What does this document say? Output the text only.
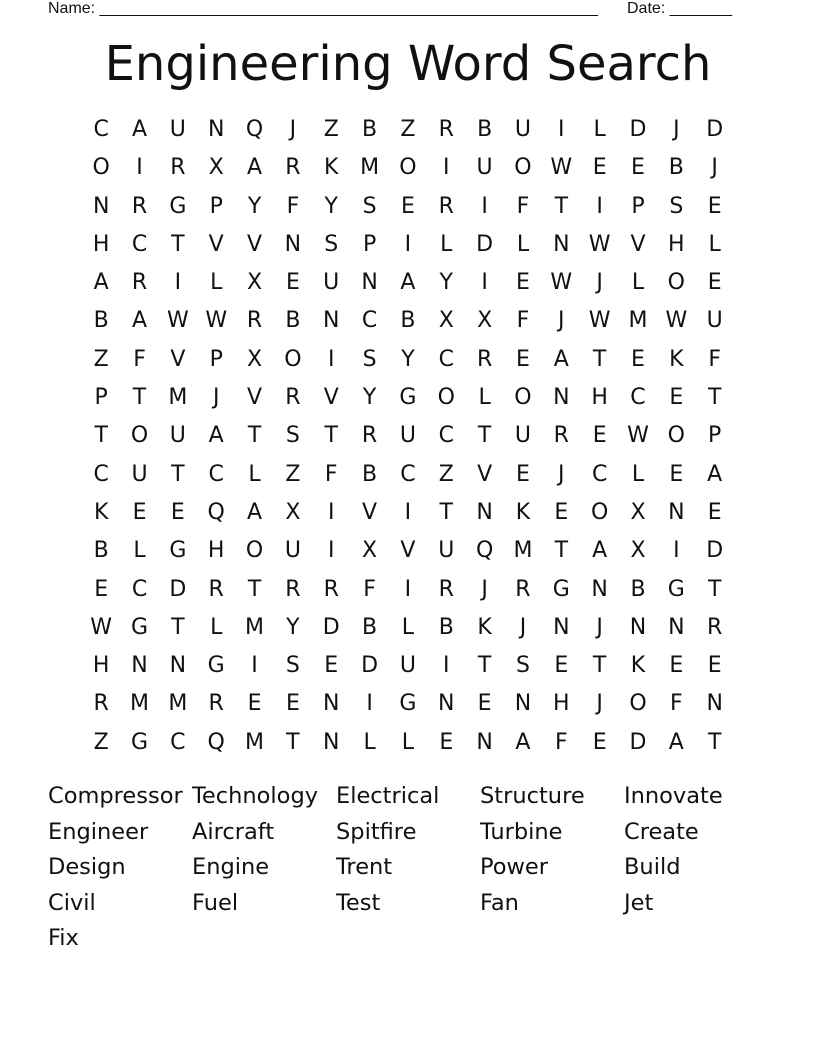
Name: ________________________________________________________ Date: _______
Engineering Word Search
C	A	U	N Q	J	Z	B	Z	R	B	U	I	L	D	J	D
O	I	R	X	A	R	K M O	I	U O W E	E	B	J
N	R	G	P	Y	F	Y	S	E	R	I	F	T	I	P	S	E
H	C	T	V	V	N	S	P	I	L	D	L	N W V	H	L
A	R	I	L	X	E	U	N	A	Y	I	E W	J	L	O	E
B	A W W R	B	N	C	B	X	X	F	J	W M W U
Z	F	V	P	X	O	I	S	Y	C	R	E	A	T	E	K	F
P	T	M	J	V	R	V	Y	G O	L	O N H	C	E	T
T	O U	A	T	S	T	R	U	C	T	U	R	E W O	P
C	U	T	C	L	Z	F	B	C	Z	V	E	J	C	L	E	A
K	E	E	Q	A	X	I	V	I	T	N	K	E	O	X	N	E
B	L	G H O U	I	X	V	U Q M	T	A	X	I	D
E	C	D	R	T	R	R	F	I	R	J	R	G N	B	G	T
W G	T	L	M	Y	D	B	L	B	K	J	N	J	N N	R
H N N G	I	S	E	D U	I	T	S	E	T	K	E	E
R M M R	E	E	N	I	G N	E	N H	J	O	F	N
Z	G	C Q M	T	N	L	L	E	N	A	F	E	D	A	T
Compressor Technology Electrical	Structure	Innovate
Engineer	Aircraft	Spitfire	Turbine	Create
Design	Engine	Trent	Power	Build
Civil	Fuel	Test	Fan	Jet
Fix
